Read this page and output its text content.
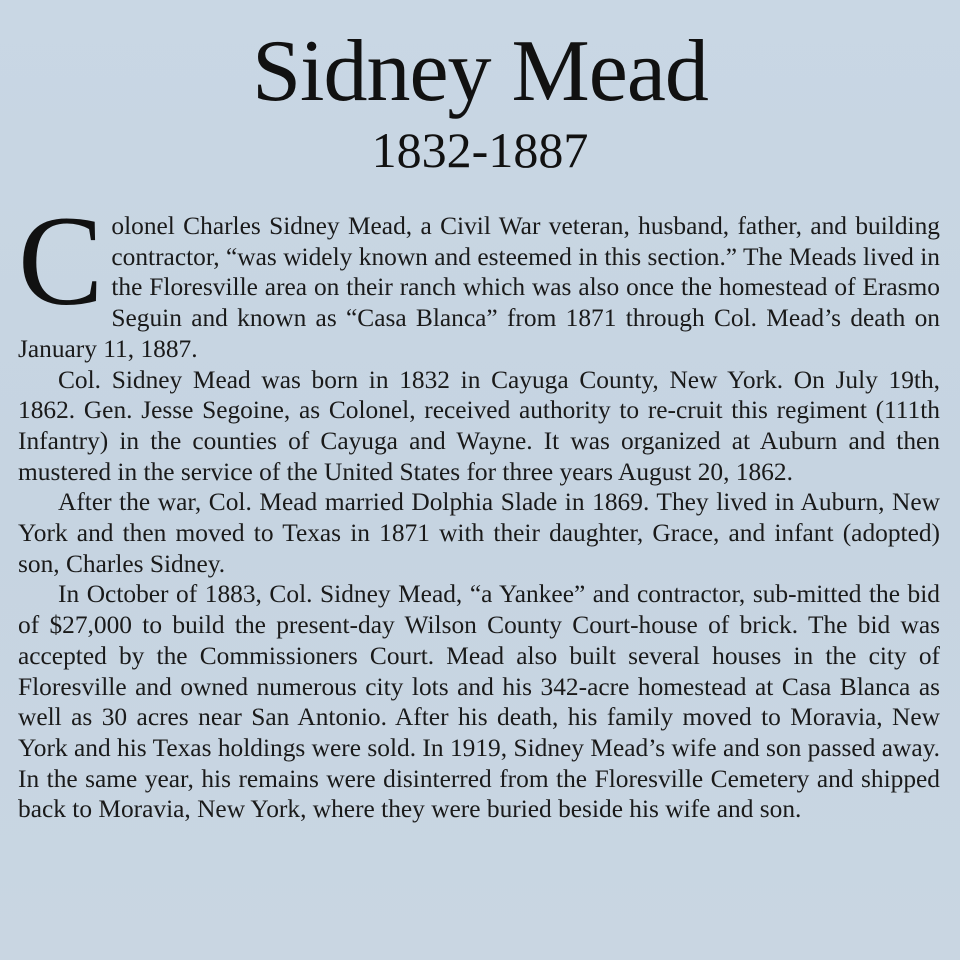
Sidney Mead
1832-1887

Colonel Charles Sidney Mead, a Civil War veteran, husband, father, and building contractor, “was widely known and esteemed in this section.” The Meads lived in the Floresville area on their ranch which was also once the homestead of Erasmo Seguin and known as “Casa Blanca” from 1871 through Col. Mead’s death on January 11, 1887.

Col. Sidney Mead was born in 1832 in Cayuga County, New York. On July 19th, 1862. Gen. Jesse Segoine, as Colonel, received authority to re-cruit this regiment (111th Infantry) in the counties of Cayuga and Wayne. It was organized at Auburn and then mustered in the service of the United States for three years August 20, 1862.

After the war, Col. Mead married Dolphia Slade in 1869. They lived in Auburn, New York and then moved to Texas in 1871 with their daughter, Grace, and infant (adopted) son, Charles Sidney.

In October of 1883, Col. Sidney Mead, “a Yankee” and contractor, sub-mitted the bid of $27,000 to build the present-day Wilson County Court-house of brick. The bid was accepted by the Commissioners Court. Mead also built several houses in the city of Floresville and owned numerous city lots and his 342-acre homestead at Casa Blanca as well as 30 acres near San Antonio. After his death, his family moved to Moravia, New York and his Texas holdings were sold. In 1919, Sidney Mead’s wife and son passed away. In the same year, his remains were disinterred from the Floresville Cemetery and shipped back to Moravia, New York, where they were buried beside his wife and son.
